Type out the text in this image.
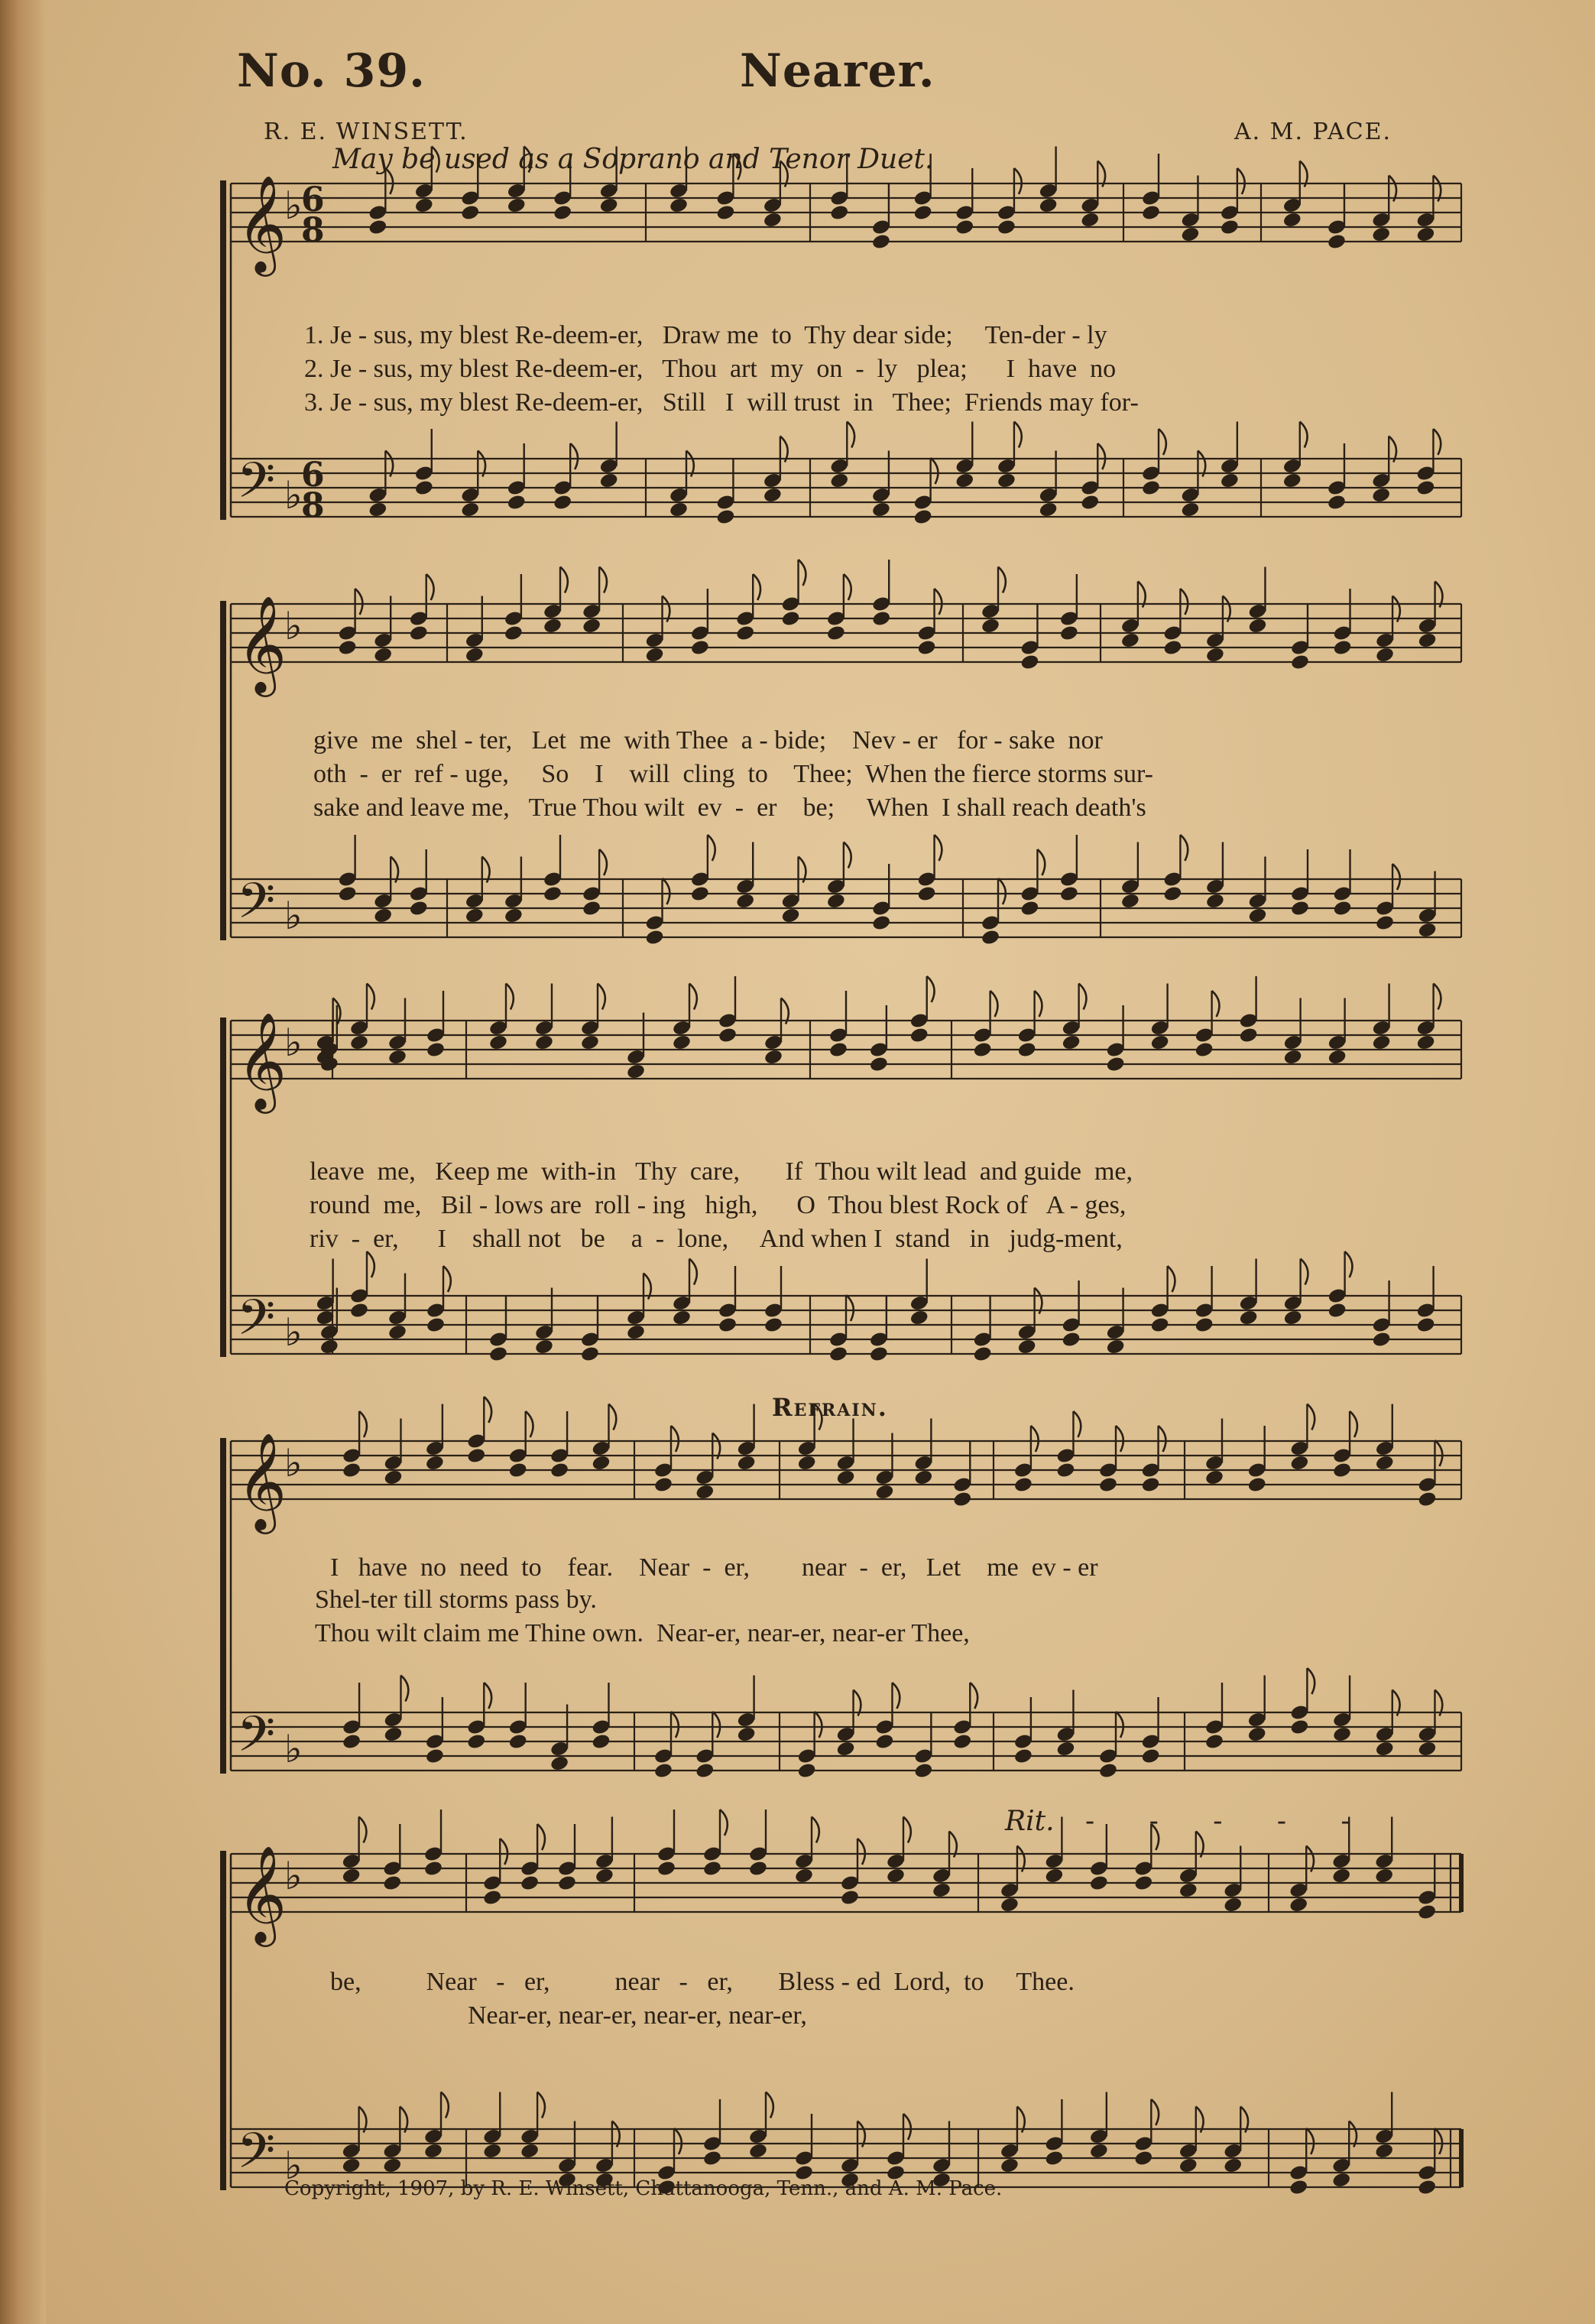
No. 39.	Nearer.
R. E. WINSETT.	A. M. PACE.
May be used as a Soprano and Tenor Duet.
𝄞
𝄢
♭
♭
6
8
6
8
𝄞
𝄢
♭
♭
𝄞
𝄢
♭
♭
𝄞
𝄢
♭
♭
𝄞
𝄢
♭
♭
1. Je - sus, my blest Re-deem-er,   Draw me  to  Thy dear side;     Ten-der - ly
2. Je - sus, my blest Re-deem-er,   Thou  art  my  on  -  ly   plea;      I  have  no
3. Je - sus, my blest Re-deem-er,   Still   I  will trust  in   Thee;  Friends may for-
give  me  shel - ter,   Let  me  with Thee  a - bide;    Nev - er   for - sake  nor
oth  -  er  ref - uge,     So    I    will  cling  to    Thee;  When the fierce storms sur-
sake and leave me,   True Thou wilt  ev  -  er    be;     When  I shall reach death's
leave  me,   Keep me  with-in   Thy  care,       If  Thou wilt lead  and guide  me,
round  me,   Bil - lows are  roll - ing   high,      O  Thou blest Rock of   A - ges,
riv  -  er,      I    shall not   be    a  -  lone,     And when I  stand   in   judg-ment,
Refrain.
I   have  no  need  to    fear.    Near  -  er,        near  -  er,   Let    me  ev - er
Shel-ter till storms pass by.
Thou wilt claim me Thine own.  Near-er, near-er, near-er Thee,
Rit. - - - - -
be,          Near   -   er,          near   -   er,       Bless - ed  Lord,  to     Thee.
Near-er, near-er, near-er, near-er,
Copyright, 1907, by R. E. Winsett, Chattanooga, Tenn., and A. M. Pace.
